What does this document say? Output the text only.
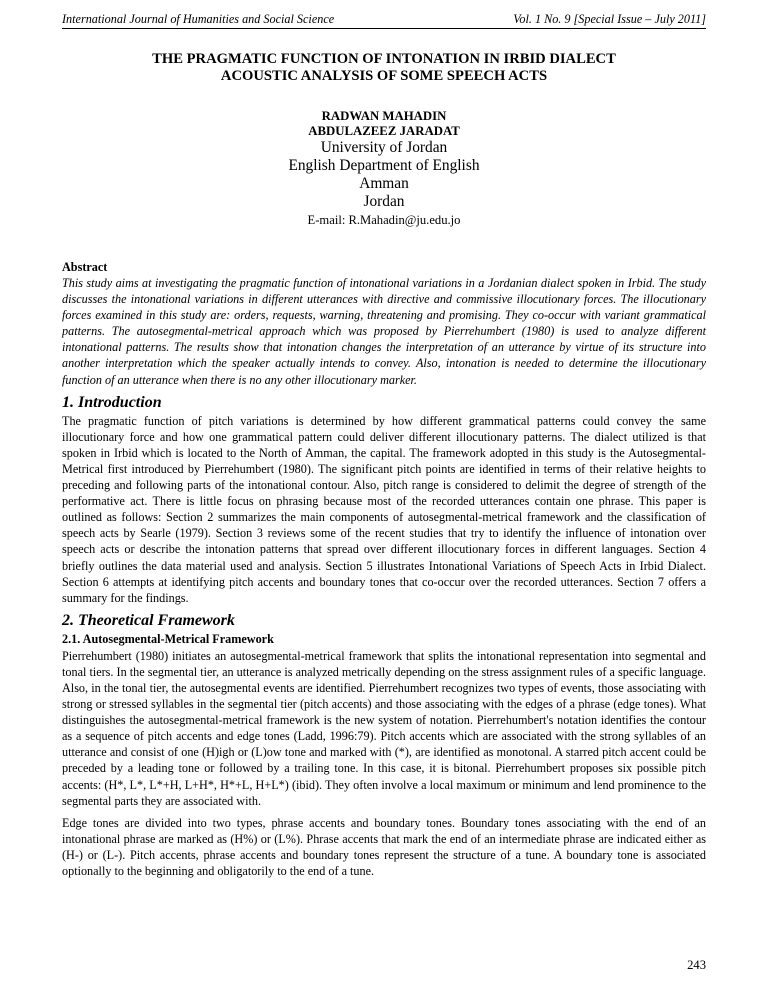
International Journal of Humanities and Social Science	Vol. 1 No. 9 [Special Issue – July 2011]
THE PRAGMATIC FUNCTION OF INTONATION IN IRBID DIALECT
ACOUSTIC ANALYSIS OF SOME SPEECH ACTS
RADWAN MAHADIN
ABDULAZEEZ JARADAT
University of Jordan
English Department of English
Amman
Jordan
E-mail: R.Mahadin@ju.edu.jo
Abstract

This study aims at investigating the pragmatic function of intonational variations in a Jordanian dialect spoken in Irbid. The study discusses the intonational variations in different utterances with directive and commissive illocutionary forces. The illocutionary forces examined in this study are: orders, requests, warning, threatening and promising. They co-occur with variant grammatical patterns. The autosegmental-metrical approach which was proposed by Pierrehumbert (1980) is used to analyze different intonational patterns. The results show that intonation changes the interpretation of an utterance by virtue of its structure into another interpretation which the speaker actually intends to convey. Also, intonation is needed to determine the illocutionary function of an utterance when there is no any other illocutionary marker.

1. Introduction

The pragmatic function of pitch variations is determined by how different grammatical patterns could convey the same illocutionary force and how one grammatical pattern could deliver different illocutionary patterns. The dialect utilized is that spoken in Irbid which is located to the North of Amman, the capital. The framework adopted in this study is the Autosegmental-Metrical first introduced by Pierrehumbert (1980). The significant pitch points are identified in terms of their relative heights to preceding and following parts of the intonational contour. Also, pitch range is considered to delimit the degree of strength of the performative act. There is little focus on phrasing because most of the recorded utterances contain one phrase. This paper is outlined as follows: Section 2 summarizes the main components of autosegmental-metrical framework and the classification of speech acts by Searle (1979). Section 3 reviews some of the recent studies that try to identify the influence of intonation over speech acts or describe the intonation patterns that spread over different illocutionary forces in different languages. Section 4 briefly outlines the data material used and analysis. Section 5 illustrates Intonational Variations of Speech Acts in Irbid Dialect. Section 6 attempts at identifying pitch accents and boundary tones that co-occur over the recorded utterances. Section 7 offers a summary for the findings.

2. Theoretical Framework
2.1. Autosegmental-Metrical Framework

Pierrehumbert (1980) initiates an autosegmental-metrical framework that splits the intonational representation into segmental and tonal tiers. In the segmental tier, an utterance is analyzed metrically depending on the stress assignment rules of a specific language. Also, in the tonal tier, the autosegmental events are identified. Pierrehumbert recognizes two types of events, those associating with strong or stressed syllables in the segmental tier (pitch accents) and those associating with the edges of a phrase (edge tones). What distinguishes the autosegmental-metrical framework is the new system of notation. Pierrehumbert's notation identifies the contour as a sequence of pitch accents and edge tones (Ladd, 1996:79). Pitch accents which are associated with the strong syllables of an utterance and consist of one (H)igh or (L)ow tone and marked with (*), are identified as monotonal. A starred pitch accent could be preceded by a leading tone or followed by a trailing tone. In this case, it is bitonal. Pierrehumbert proposes six possible pitch accents: (H*, L*, L*+H, L+H*, H*+L, H+L*) (ibid). They often involve a local maximum or minimum and lend prominence to the segmental parts they are associated with.

Edge tones are divided into two types, phrase accents and boundary tones. Boundary tones associating with the end of an intonational phrase are marked as (H%) or (L%). Phrase accents that mark the end of an intermediate phrase are indicated either as (H-) or (L-). Pitch accents, phrase accents and boundary tones represent the structure of a tune. A boundary tone is associated optionally to the beginning and obligatorily to the end of a tune.

243
